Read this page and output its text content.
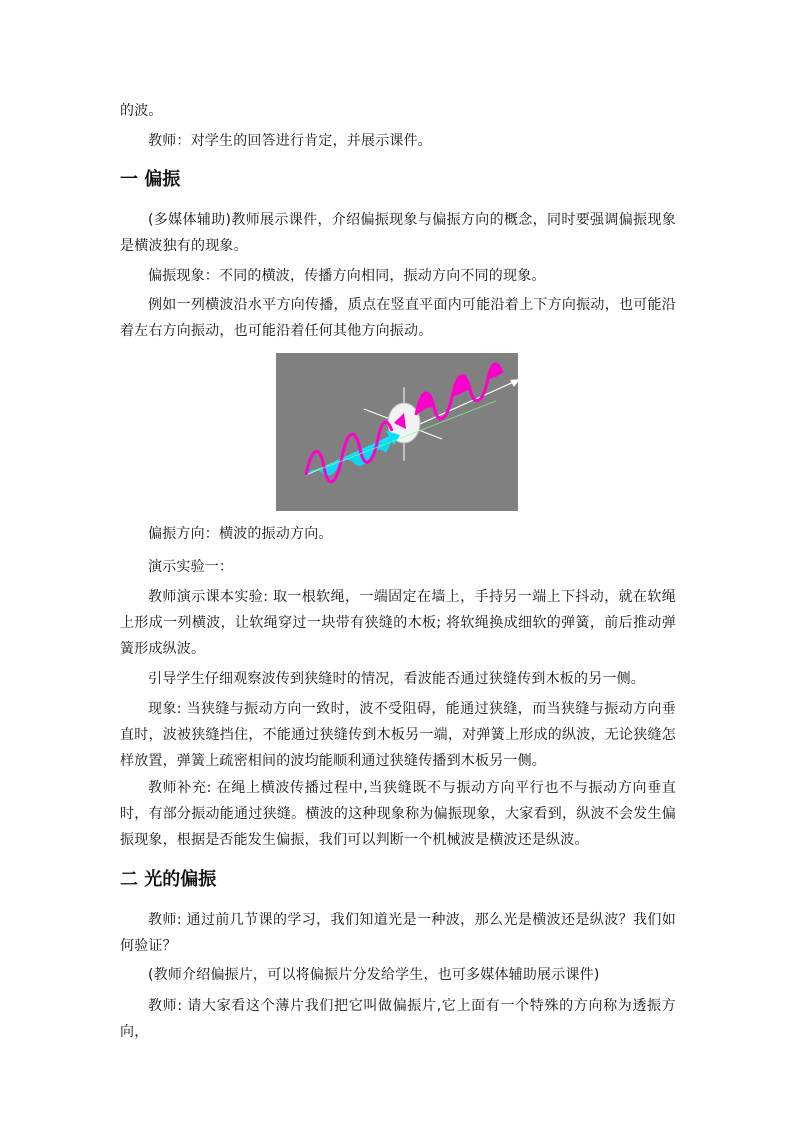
的波。

教师：对学生的回答进行肯定，并展示课件。

一 偏振

(多媒体辅助)教师展示课件，介绍偏振现象与偏振方向的概念，同时要强调偏振现象是横波独有的现象。

偏振现象：不同的横波，传播方向相同，振动方向不同的现象。

例如一列横波沿水平方向传播，质点在竖直平面内可能沿着上下方向振动，也可能沿着左右方向振动，也可能沿着任何其他方向振动。

偏振方向：横波的振动方向。

演示实验一：

教师演示课本实验: 取一根软绳，一端固定在墙上，手持另一端上下抖动，就在软绳上形成一列横波，让软绳穿过一块带有狭缝的木板; 将软绳换成细软的弹簧，前后推动弹簧形成纵波。

引导学生仔细观察波传到狭缝时的情况，看波能否通过狭缝传到木板的另一侧。

现象: 当狭缝与振动方向一致时，波不受阻碍，能通过狭缝，而当狭缝与振动方向垂直时，波被狭缝挡住，不能通过狭缝传到木板另一端，对弹簧上形成的纵波，无论狭缝怎样放置，弹簧上疏密相间的波均能顺利通过狭缝传播到木板另一侧。

教师补充: 在绳上横波传播过程中,当狭缝既不与振动方向平行也不与振动方向垂直时，有部分振动能通过狭缝。横波的这种现象称为偏振现象，大家看到，纵波不会发生偏振现象，根据是否能发生偏振，我们可以判断一个机械波是横波还是纵波。

二 光的偏振

教师: 通过前几节课的学习，我们知道光是一种波，那么光是横波还是纵波？我们如何验证？

(教师介绍偏振片，可以将偏振片分发给学生，也可多媒体辅助展示课件)

教师: 请大家看这个薄片我们把它叫做偏振片,它上面有一个特殊的方向称为透振方向，
